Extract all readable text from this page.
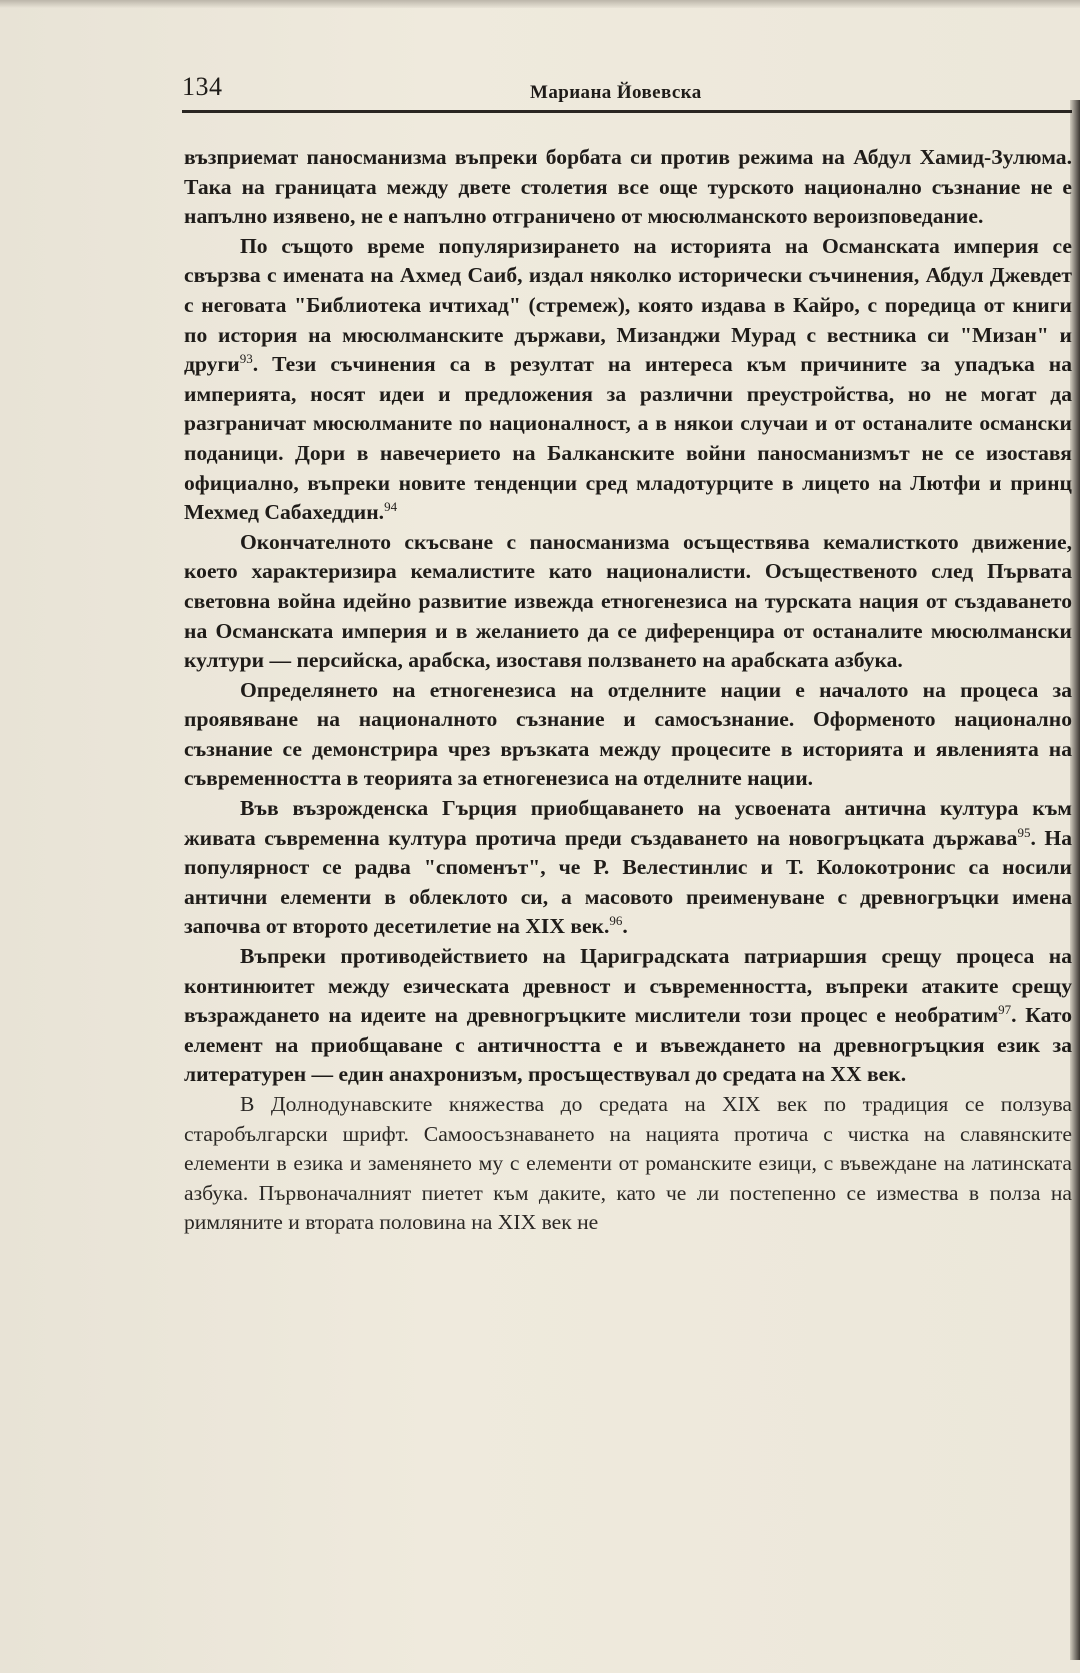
134	Мариана Йовевска

възприемат паносманизма въпреки борбата си против режима на Абдул Хамид-Зулюма. Така на границата между двете столетия все още турското национално съзнание не е напълно изявено, не е напълно отграничено от мюсюлманското вероизповедание.

По същото време популяризирането на историята на Османската империя се свързва с имената на Ахмед Саиб, издал няколко исторически съчинения, Абдул Джевдет с неговата "Библиотека ичтихад" (стремеж), която издава в Кайро, с поредица от книги по история на мюсюлманските държави, Мизанджи Мурад с вестника си "Мизан" и други$^{93}$. Тези съчинения са в резултат на интереса към причините за упадъка на империята, носят идеи и предложения за различни преустройства, но не могат да разграничат мюсюлманите по националност, а в някои случаи и от останалите османски поданици. Дори в навечерието на Балканските войни паносманизмът не се изоставя официално, въпреки новите тенденции сред младотурците в лицето на Лютфи и принц Мехмед Сабахеддин.$^{94}$

Окончателното скъсване с паносманизма осъществява кемалисткото движение, което характеризира кемалистите като националисти. Осъщественото след Първата световна война идейно развитие извежда етногенезиса на турската нация от създаването на Османската империя и в желанието да се диференцира от останалите мюсюлмански култури — персийска, арабска, изоставя ползването на арабската азбука.

Определянето на етногенезиса на отделните нации е началото на процеса за проявяване на националното съзнание и самосъзнание. Оформеното национално съзнание се демонстрира чрез връзката между процесите в историята и явленията на съвременността в теорията за етногенезиса на отделните нации.

Във възрожденска Гърция приобщаването на усвоената антична култура към живата съвременна култура протича преди създаването на новогръцката държава$^{95}$. На популярност се радва "споменът", че Р. Велестинлис и Т. Колокотронис са носили антични елементи в облеклото си, а масовото преименуване с древногръцки имена започва от второто десетилетие на XIX век.$^{96}$.

Въпреки противодействието на Цариградската патриаршия срещу процеса на континюитет между езическата древност и съвременността, въпреки атаките срещу възраждането на идеите на древногръцките мислители този процес е необратим$^{97}$. Като елемент на приобщаване с античността е и въвеждането на древногръцкия език за литературен — един анахронизъм, просъществувал до средата на XX век.

В Долнодунавските княжества до средата на XIX век по традиция се ползува старобългарски шрифт. Самоосъзнаването на нацията протича с чистка на славянските елементи в езика и заменянето му с елементи от романските езици, с въвеждане на латинската азбука. Първоначалният пиетет към даките, като че ли постепенно се измества в полза на римляните и втората половина на XIX век не
